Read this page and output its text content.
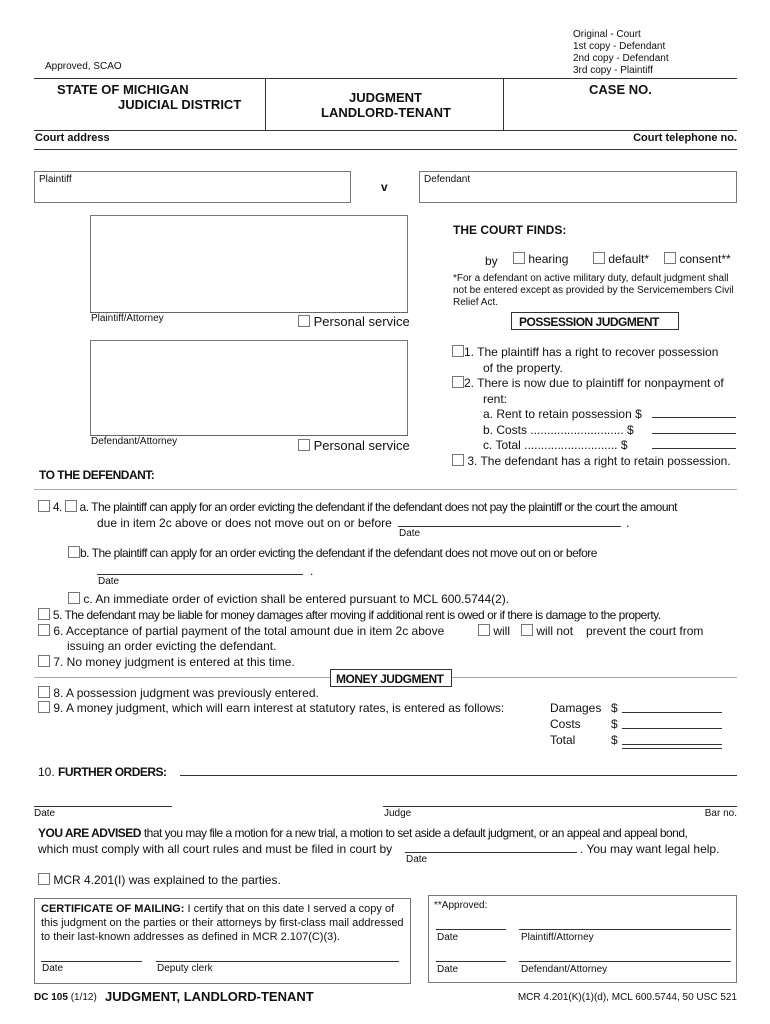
Original - Court
1st copy - Defendant
2nd copy - Defendant
3rd copy - Plaintiff
Approved, SCAO
STATE OF MICHIGAN
JUDICIAL DISTRICT	JUDGMENT
LANDLORD-TENANT
CASE NO.
Court address	Court telephone no.
Plaintiff
v
Defendant
Plaintiff/Attorney	Personal service
Defendant/Attorney	Personal service
THE COURT FINDS:
by	hearing	default*	consent**
*For a defendant on active military duty, default judgment shall
not be entered except as provided by the Servicemembers Civil
Relief Act.
POSSESSION JUDGMENT
1. The plaintiff has a right to recover possession
of the property.
2. There is now due to plaintiff for nonpayment of
rent:
a. Rent to retain possession $
b. Costs ............................ $
c. Total ............................ $
3. The defendant has a right to retain possession.
TO THE DEFENDANT:
4. a. The plaintiff can apply for an order evicting the defendant if the defendant does not pay the plaintiff or the court the amount
due in item 2c above or does not move out on or before	.
Date
b. The plaintiff can apply for an order evicting the defendant if the defendant does not move out on or before
.
Date
c. An immediate order of eviction shall be entered pursuant to MCL 600.5744(2).
5. The defendant may be liable for money damages after moving if additional rent is owed or if there is damage to the property.
6. Acceptance of partial payment of the total amount due in item 2c above	will	will not prevent the court from
issuing an order evicting the defendant.
7. No money judgment is entered at this time.
MONEY JUDGMENT
8. A possession judgment was previously entered.
9. A money judgment, which will earn interest at statutory rates, is entered as follows:	Damages $
Costs	$
Total	$
10. FURTHER ORDERS:
Date	Judge	Bar no.
YOU ARE ADVISED that you may file a motion for a new trial, a motion to set aside a default judgment, or an appeal and appeal bond,
which must comply with all court rules and must be filed in court by	. You may want legal help.
Date
MCR 4.201(I) was explained to the parties.
CERTIFICATE OF MAILING: I certify that on this date I served a copy of
this judgment on the parties or their attorneys by first-class mail addressed
to their last-known addresses as defined in MCR 2.107(C)(3).
Date	Deputy clerk
**Approved:
Date	Plaintiff/Attorney
Date	Defendant/Attorney
DC 105 (1/12) JUDGMENT, LANDLORD-TENANT	MCR 4.201(K)(1)(d), MCL 600.5744, 50 USC 521
